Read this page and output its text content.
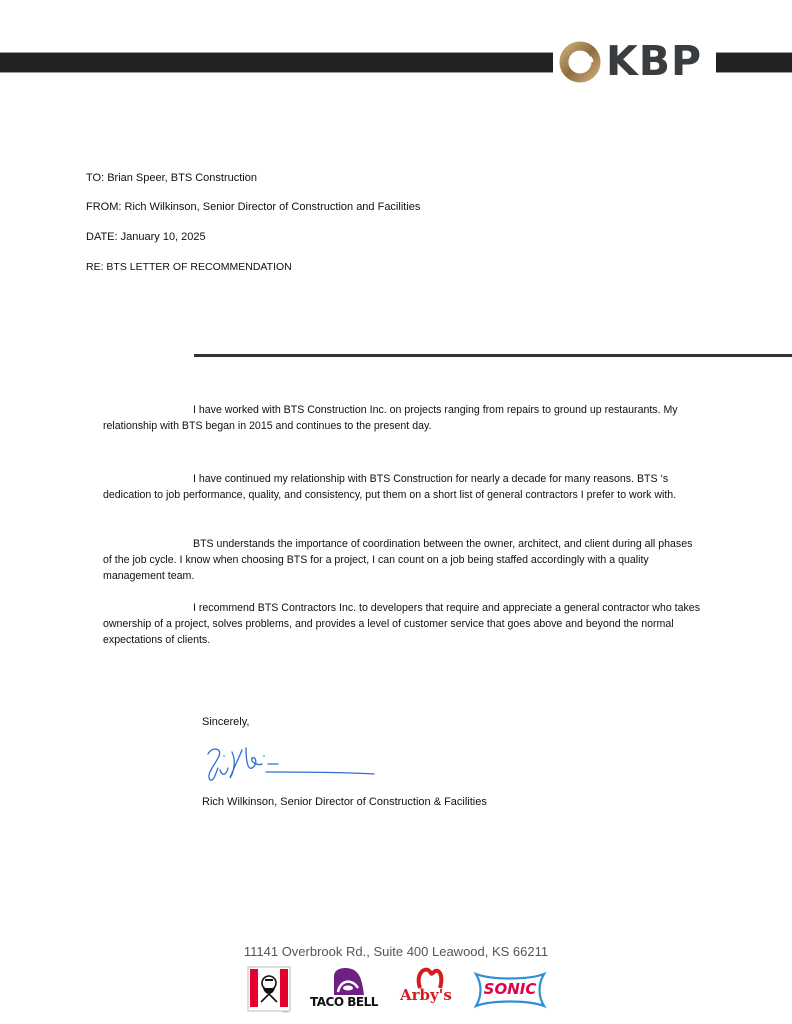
KBP
TO: Brian Speer, BTS Construction
FROM: Rich Wilkinson, Senior Director of Construction and Facilities
DATE: January 10, 2025
RE: BTS LETTER OF RECOMMENDATION
I have worked with BTS Construction Inc. on projects ranging from repairs to ground up restaurants. My relationship with BTS began in 2015 and continues to the present day.
I have continued my relationship with BTS Construction for nearly a decade for many reasons. BTS ‘s dedication to job performance, quality, and consistency, put them on a short list of general contractors I prefer to work with.
BTS understands the importance of coordination between the owner, architect, and client during all phases of the job cycle. I know when choosing BTS for a project, I can count on a job being staffed accordingly with a quality management team.
I recommend BTS Contractors Inc. to developers that require and appreciate a general contractor who takes ownership of a project, solves problems, and provides a level of customer service that goes above and beyond the normal expectations of clients.
Sincerely,
Rich Wilkinson, Senior Director of Construction & Facilities
11141 Overbrook Rd., Suite 400 Leawood, KS 66211
KFC
TACO BELL	Arby's	SONIC
